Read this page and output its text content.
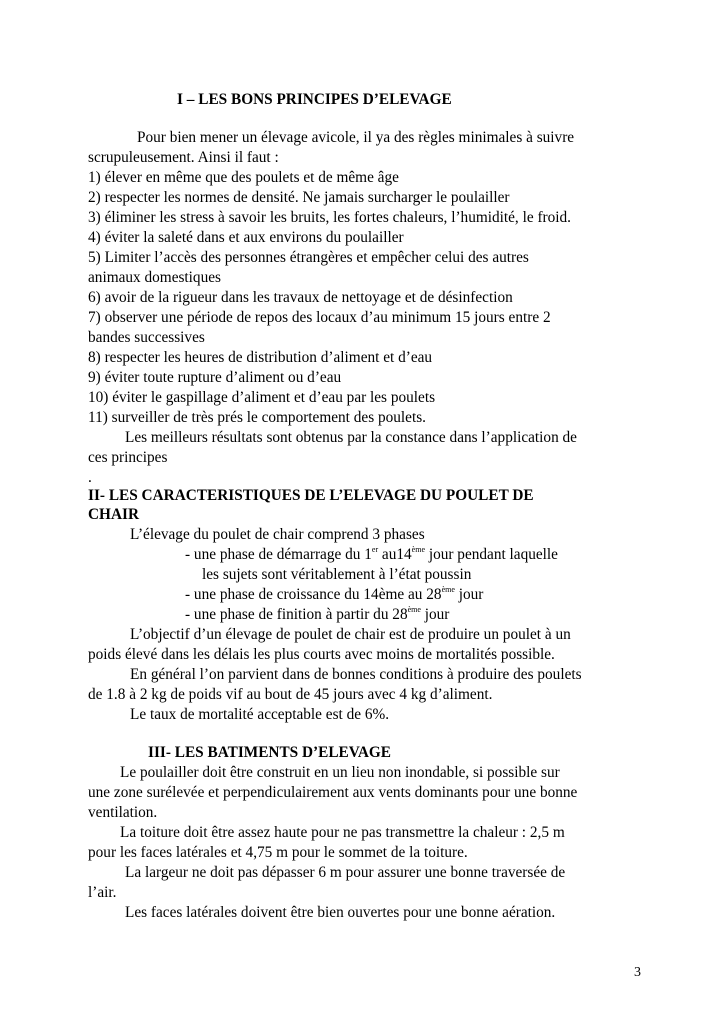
I – LES BONS PRINCIPES D’ELEVAGE
Pour bien mener un élevage avicole, il ya des règles minimales à suivre
scrupuleusement. Ainsi il faut :
1) élever en même que des poulets et de même âge
2) respecter les normes de densité. Ne jamais surcharger le poulailler
3) éliminer les stress à savoir les bruits, les fortes chaleurs, l’humidité, le froid.
4) éviter la saleté dans et aux environs du poulailler
5) Limiter l’accès des personnes étrangères et empêcher celui des autres
animaux domestiques
6) avoir de la rigueur dans les travaux de nettoyage et de désinfection
7) observer une période de repos des locaux d’au minimum 15 jours entre 2
bandes successives
8) respecter les heures de distribution d’aliment et d’eau
9) éviter toute rupture d’aliment ou d’eau
10) éviter le gaspillage d’aliment et d’eau par les poulets
11) surveiller de très prés le comportement des poulets.
Les meilleurs résultats sont obtenus par la constance dans l’application de
ces principes
.
II- LES CARACTERISTIQUES DE L’ELEVAGE DU POULET DE
CHAIR
L’élevage du poulet de chair comprend 3 phases
- une phase de démarrage du 1er au14ème jour pendant laquelle
les sujets sont véritablement à l’état poussin
- une phase de croissance du 14ème au 28ème jour
- une phase de finition à partir du 28ème jour
L’objectif d’un élevage de poulet de chair est de produire un poulet à un
poids élevé dans les délais les plus courts avec moins de mortalités possible.
En général l’on parvient dans de bonnes conditions à produire des poulets
de 1.8 à 2 kg de poids vif au bout de 45 jours avec 4 kg d’aliment.
Le taux de mortalité acceptable est de 6%.
III- LES BATIMENTS D’ELEVAGE
Le poulailler doit être construit en un lieu non inondable, si possible sur
une zone surélevée et perpendiculairement aux vents dominants pour une bonne
ventilation.
La toiture doit être assez haute pour ne pas transmettre la chaleur : 2,5 m
pour les faces latérales et 4,75 m pour le sommet de la toiture.
La largeur ne doit pas dépasser 6 m pour assurer une bonne traversée de
l’air.
Les faces latérales doivent être bien ouvertes pour une bonne aération.
3
